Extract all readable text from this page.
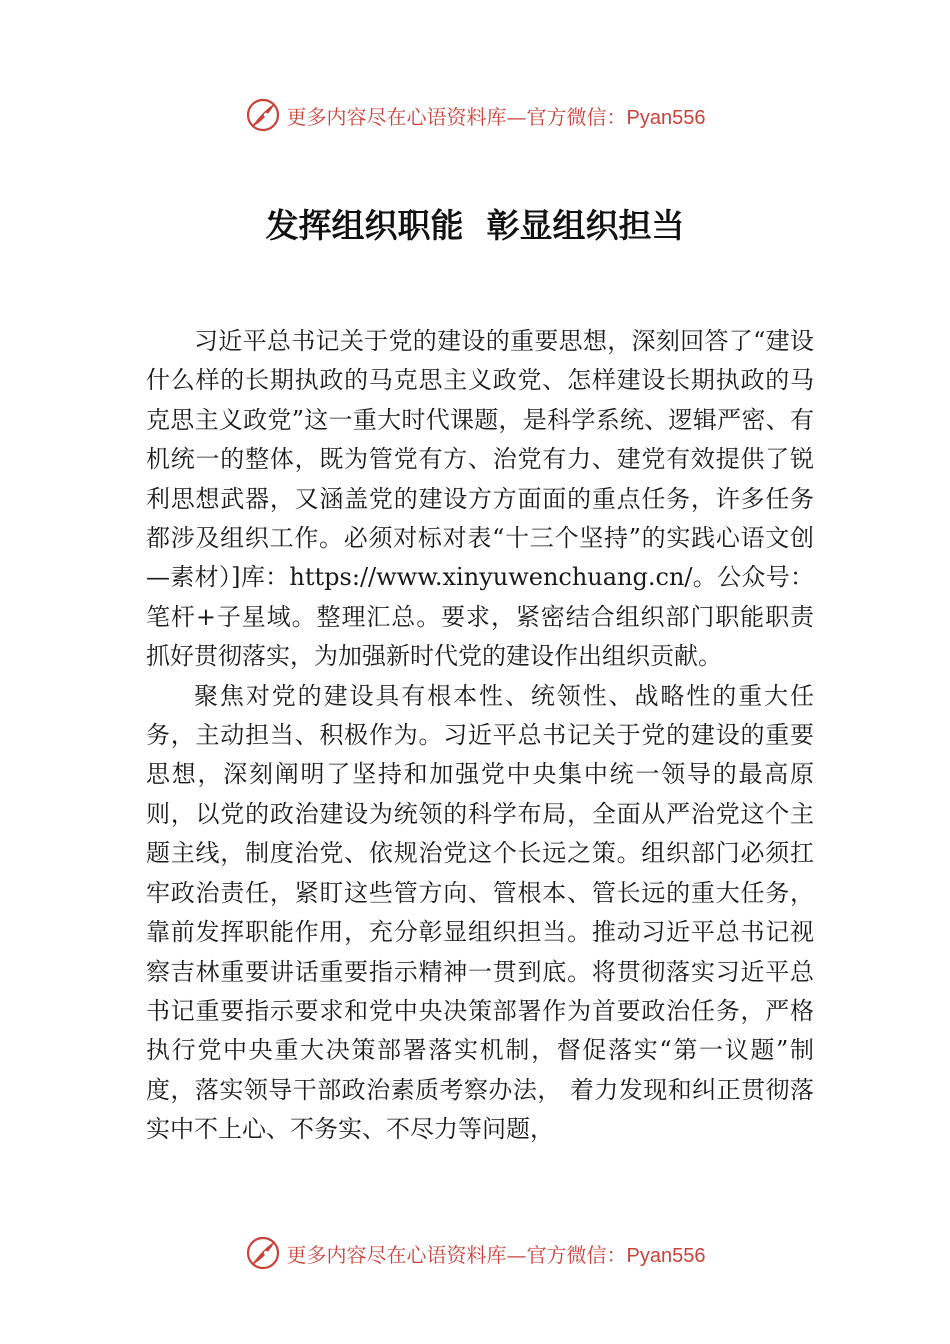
更多内容尽在心语资料库—官方微信：Pyan556
发挥组织职能  彰显组织担当

习近平总书记关于党的建设的重要思想，深刻回答了“建设什么样的长期执政的马克思主义政党、怎样建设长期执政的马克思主义政党”这一重大时代课题，是科学系统、逻辑严密、有机统一的整体，既为管党有方、治党有力、建党有效提供了锐利思想武器，又涵盖党的建设方方面面的重点任务，许多任务都涉及组织工作。必须对标对表“十三个坚持”的实践心语文创—素材）]库：https://www.xinyuwenchuang.cn/。公众号：笔杆+子星域。整理汇总。要求，紧密结合组织部门职能职责抓好贯彻落实，为加强新时代党的建设作出组织贡献。

聚焦对党的建设具有根本性、统领性、战略性的重大任务，主动担当、积极作为。习近平总书记关于党的建设的重要思想，深刻阐明了坚持和加强党中央集中统一领导的最高原则，以党的政治建设为统领的科学布局，全面从严治党这个主题主线，制度治党、依规治党这个长远之策。组织部门必须扛牢政治责任，紧盯这些管方向、管根本、管长远的重大任务，靠前发挥职能作用，充分彰显组织担当。推动习近平总书记视察吉林重要讲话重要指示精神一贯到底。将贯彻落实习近平总书记重要指示要求和党中央决策部署作为首要政治任务，严格执行党中央重大决策部署落实机制，督促落实“第一议题”制度，落实领导干部政治素质考察办法， 着力发现和纠正贯彻落实中不上心、不务实、不尽力等问题，

更多内容尽在心语资料库—官方微信：Pyan556
